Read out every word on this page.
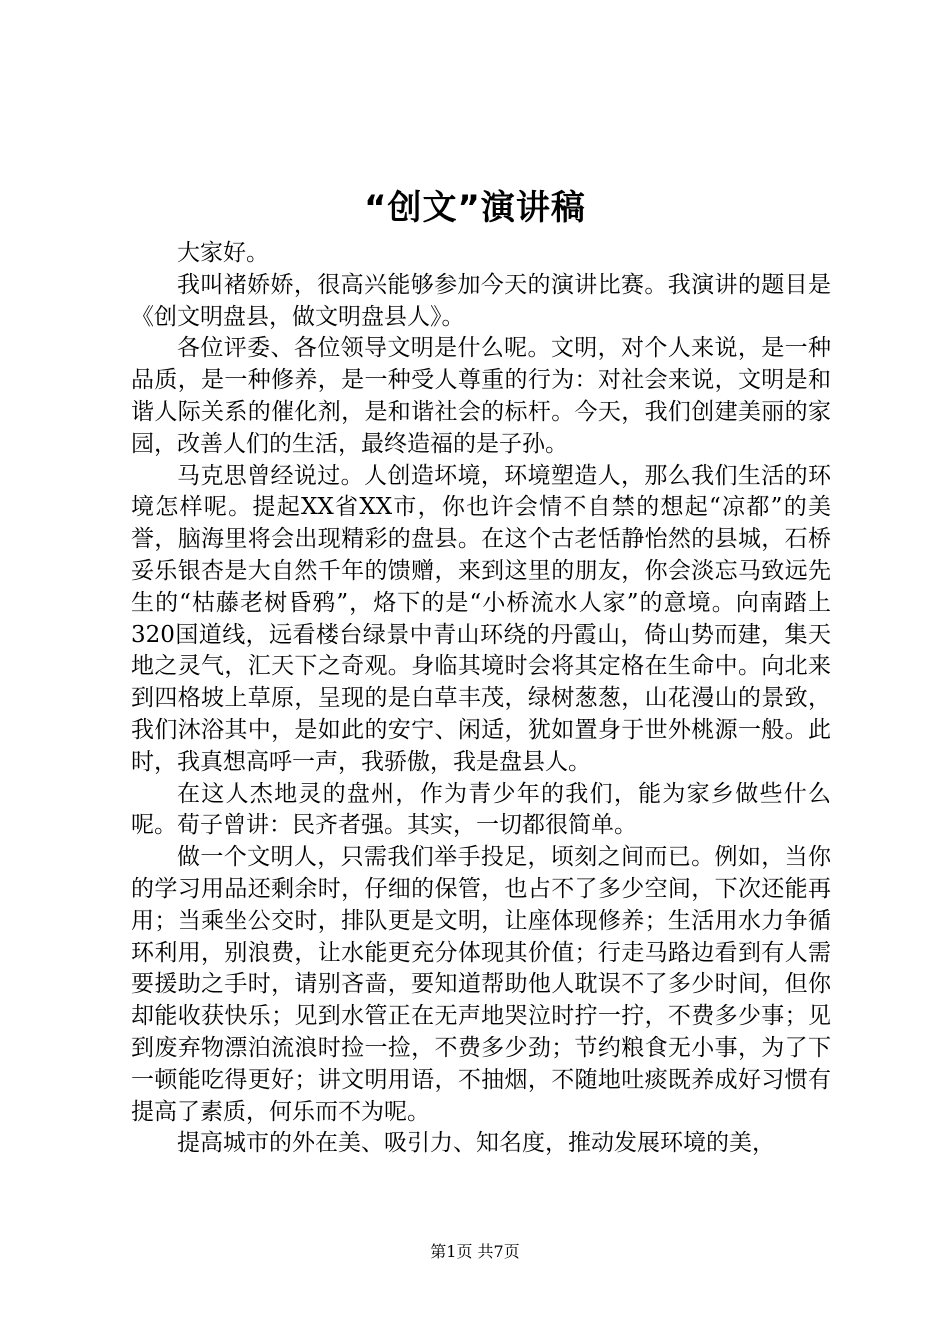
“创文”演讲稿

大家好。

我叫褚娇娇，很高兴能够参加今天的演讲比赛。我演讲的题目是《创文明盘县，做文明盘县人》。

各位评委、各位领导文明是什么呢。文明，对个人来说，是一种品质，是一种修养，是一种受人尊重的行为：对社会来说，文明是和谐人际关系的催化剂，是和谐社会的标杆。今天，我们创建美丽的家园，改善人们的生活，最终造福的是子孙。

马克思曾经说过。人创造坏境，环境塑造人，那么我们生活的环境怎样呢。提起XX省XX市，你也许会情不自禁的想起“凉都”的美誉，脑海里将会出现精彩的盘县。在这个古老恬静怡然的县城，石桥妥乐银杏是大自然千年的馈赠，来到这里的朋友，你会淡忘马致远先生的“枯藤老树昏鸦”，烙下的是“小桥流水人家”的意境。向南踏上320国道线，远看楼台绿景中青山环绕的丹霞山，倚山势而建，集天地之灵气，汇天下之奇观。身临其境时会将其定格在生命中。向北来到四格坡上草原，呈现的是白草丰茂，绿树葱葱，山花漫山的景致，我们沐浴其中，是如此的安宁、闲适，犹如置身于世外桃源一般。此时，我真想高呼一声，我骄傲，我是盘县人。

在这人杰地灵的盘州，作为青少年的我们，能为家乡做些什么呢。荀子曾讲：民齐者强。其实，一切都很简单。

做一个文明人，只需我们举手投足，顷刻之间而已。例如，当你的学习用品还剩余时，仔细的保管，也占不了多少空间，下次还能再用；当乘坐公交时，排队更是文明，让座体现修养；生活用水力争循环利用，别浪费，让水能更充分体现其价值；行走马路边看到有人需要援助之手时，请别吝啬，要知道帮助他人耽误不了多少时间，但你却能收获快乐；见到水管正在无声地哭泣时拧一拧，不费多少事；见到废弃物漂泊流浪时捡一捡，不费多少劲；节约粮食无小事，为了下一顿能吃得更好；讲文明用语，不抽烟，不随地吐痰既养成好习惯有提高了素质，何乐而不为呢。

提高城市的外在美、吸引力、知名度，推动发展环境的美，

第1页 共7页
